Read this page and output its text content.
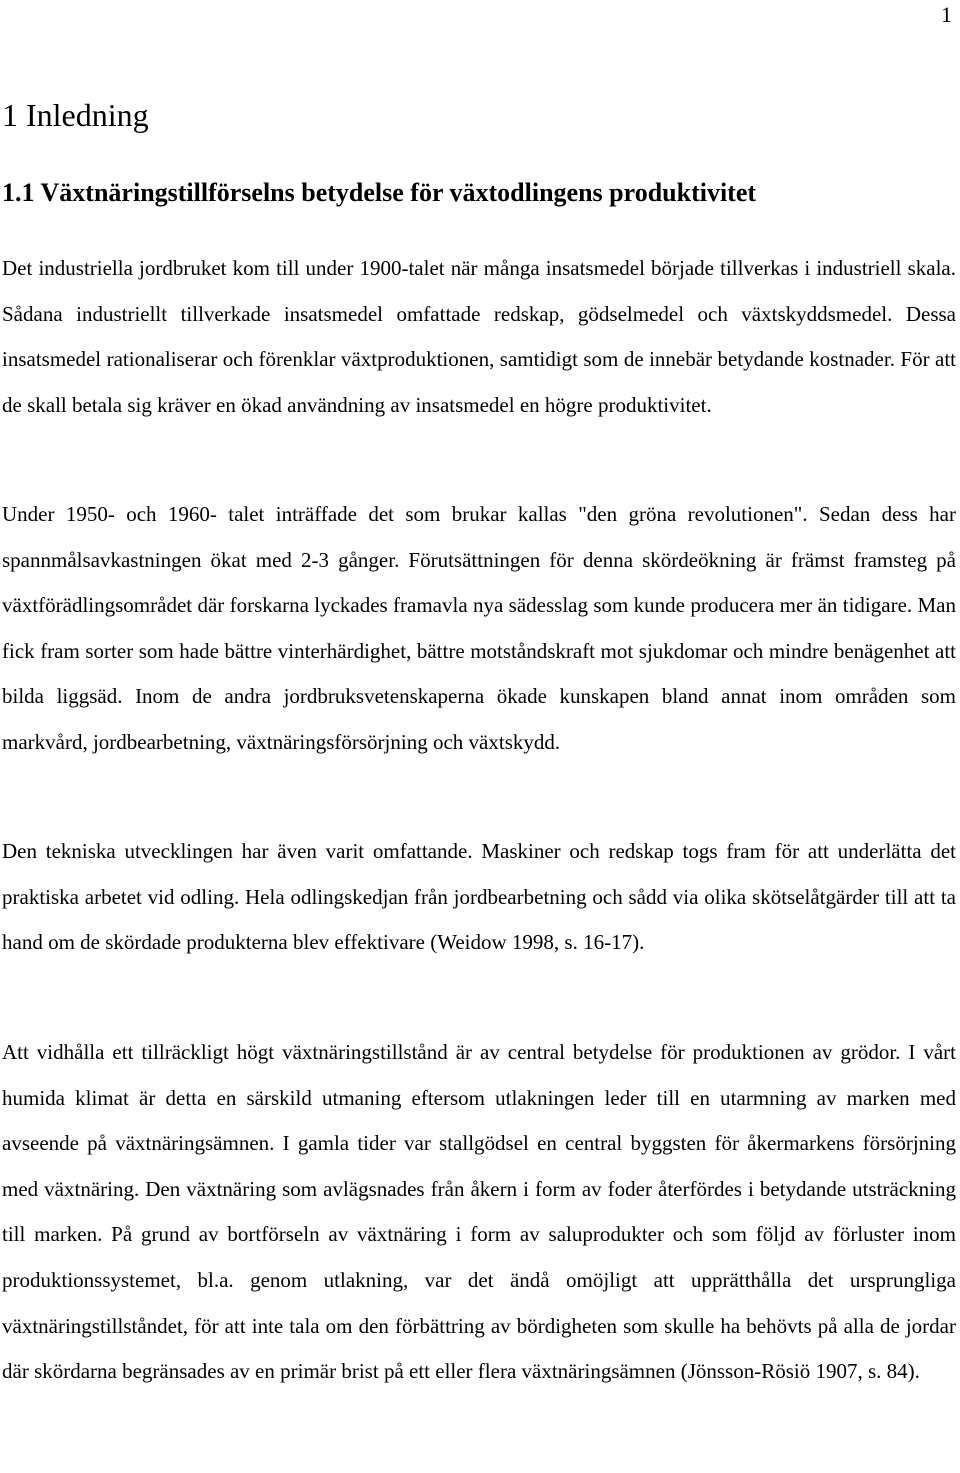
1
1 Inledning
1.1 Växtnäringstillförselns betydelse för växtodlingens produktivitet

Det industriella jordbruket kom till under 1900-talet när många insatsmedel började tillverkas i industriell skala. Sådana industriellt tillverkade insatsmedel omfattade redskap, gödselmedel och växtskyddsmedel. Dessa insatsmedel rationaliserar och förenklar växtproduktionen, samtidigt som de innebär betydande kostnader. För att de skall betala sig kräver en ökad användning av insatsmedel en högre produktivitet.

Under 1950- och 1960- talet inträffade det som brukar kallas "den gröna revolutionen". Sedan dess har spannmålsavkastningen ökat med 2-3 gånger. Förutsättningen för denna skördeökning är främst framsteg på växtförädlingsområdet där forskarna lyckades framavla nya sädesslag som kunde producera mer än tidigare. Man fick fram sorter som hade bättre vinterhärdighet, bättre motståndskraft mot sjukdomar och mindre benägenhet att bilda liggsäd. Inom de andra jordbruksvetenskaperna ökade kunskapen bland annat inom områden som markvård, jordbearbetning, växtnäringsförsörjning och växtskydd.

Den tekniska utvecklingen har även varit omfattande. Maskiner och redskap togs fram för att underlätta det praktiska arbetet vid odling. Hela odlingskedjan från jordbearbetning och sådd via olika skötselåtgärder till att ta hand om de skördade produkterna blev effektivare (Weidow 1998, s. 16-17).

Att vidhålla ett tillräckligt högt växtnäringstillstånd är av central betydelse för produktionen av grödor. I vårt humida klimat är detta en särskild utmaning eftersom utlakningen leder till en utarmning av marken med avseende på växtnäringsämnen. I gamla tider var stallgödsel en central byggsten för åkermarkens försörjning med växtnäring. Den växtnäring som avlägsnades från åkern i form av foder återfördes i betydande utsträckning till marken. På grund av bortförseln av växtnäring i form av saluprodukter och som följd av förluster inom produktionssystemet, bl.a. genom utlakning, var det ändå omöjligt att upprätthålla det ursprungliga växtnäringstillståndet, för att inte tala om den förbättring av bördigheten som skulle ha behövts på alla de jordar där skördarna begränsades av en primär brist på ett eller flera växtnäringsämnen (Jönsson-Rösiö 1907, s. 84).
